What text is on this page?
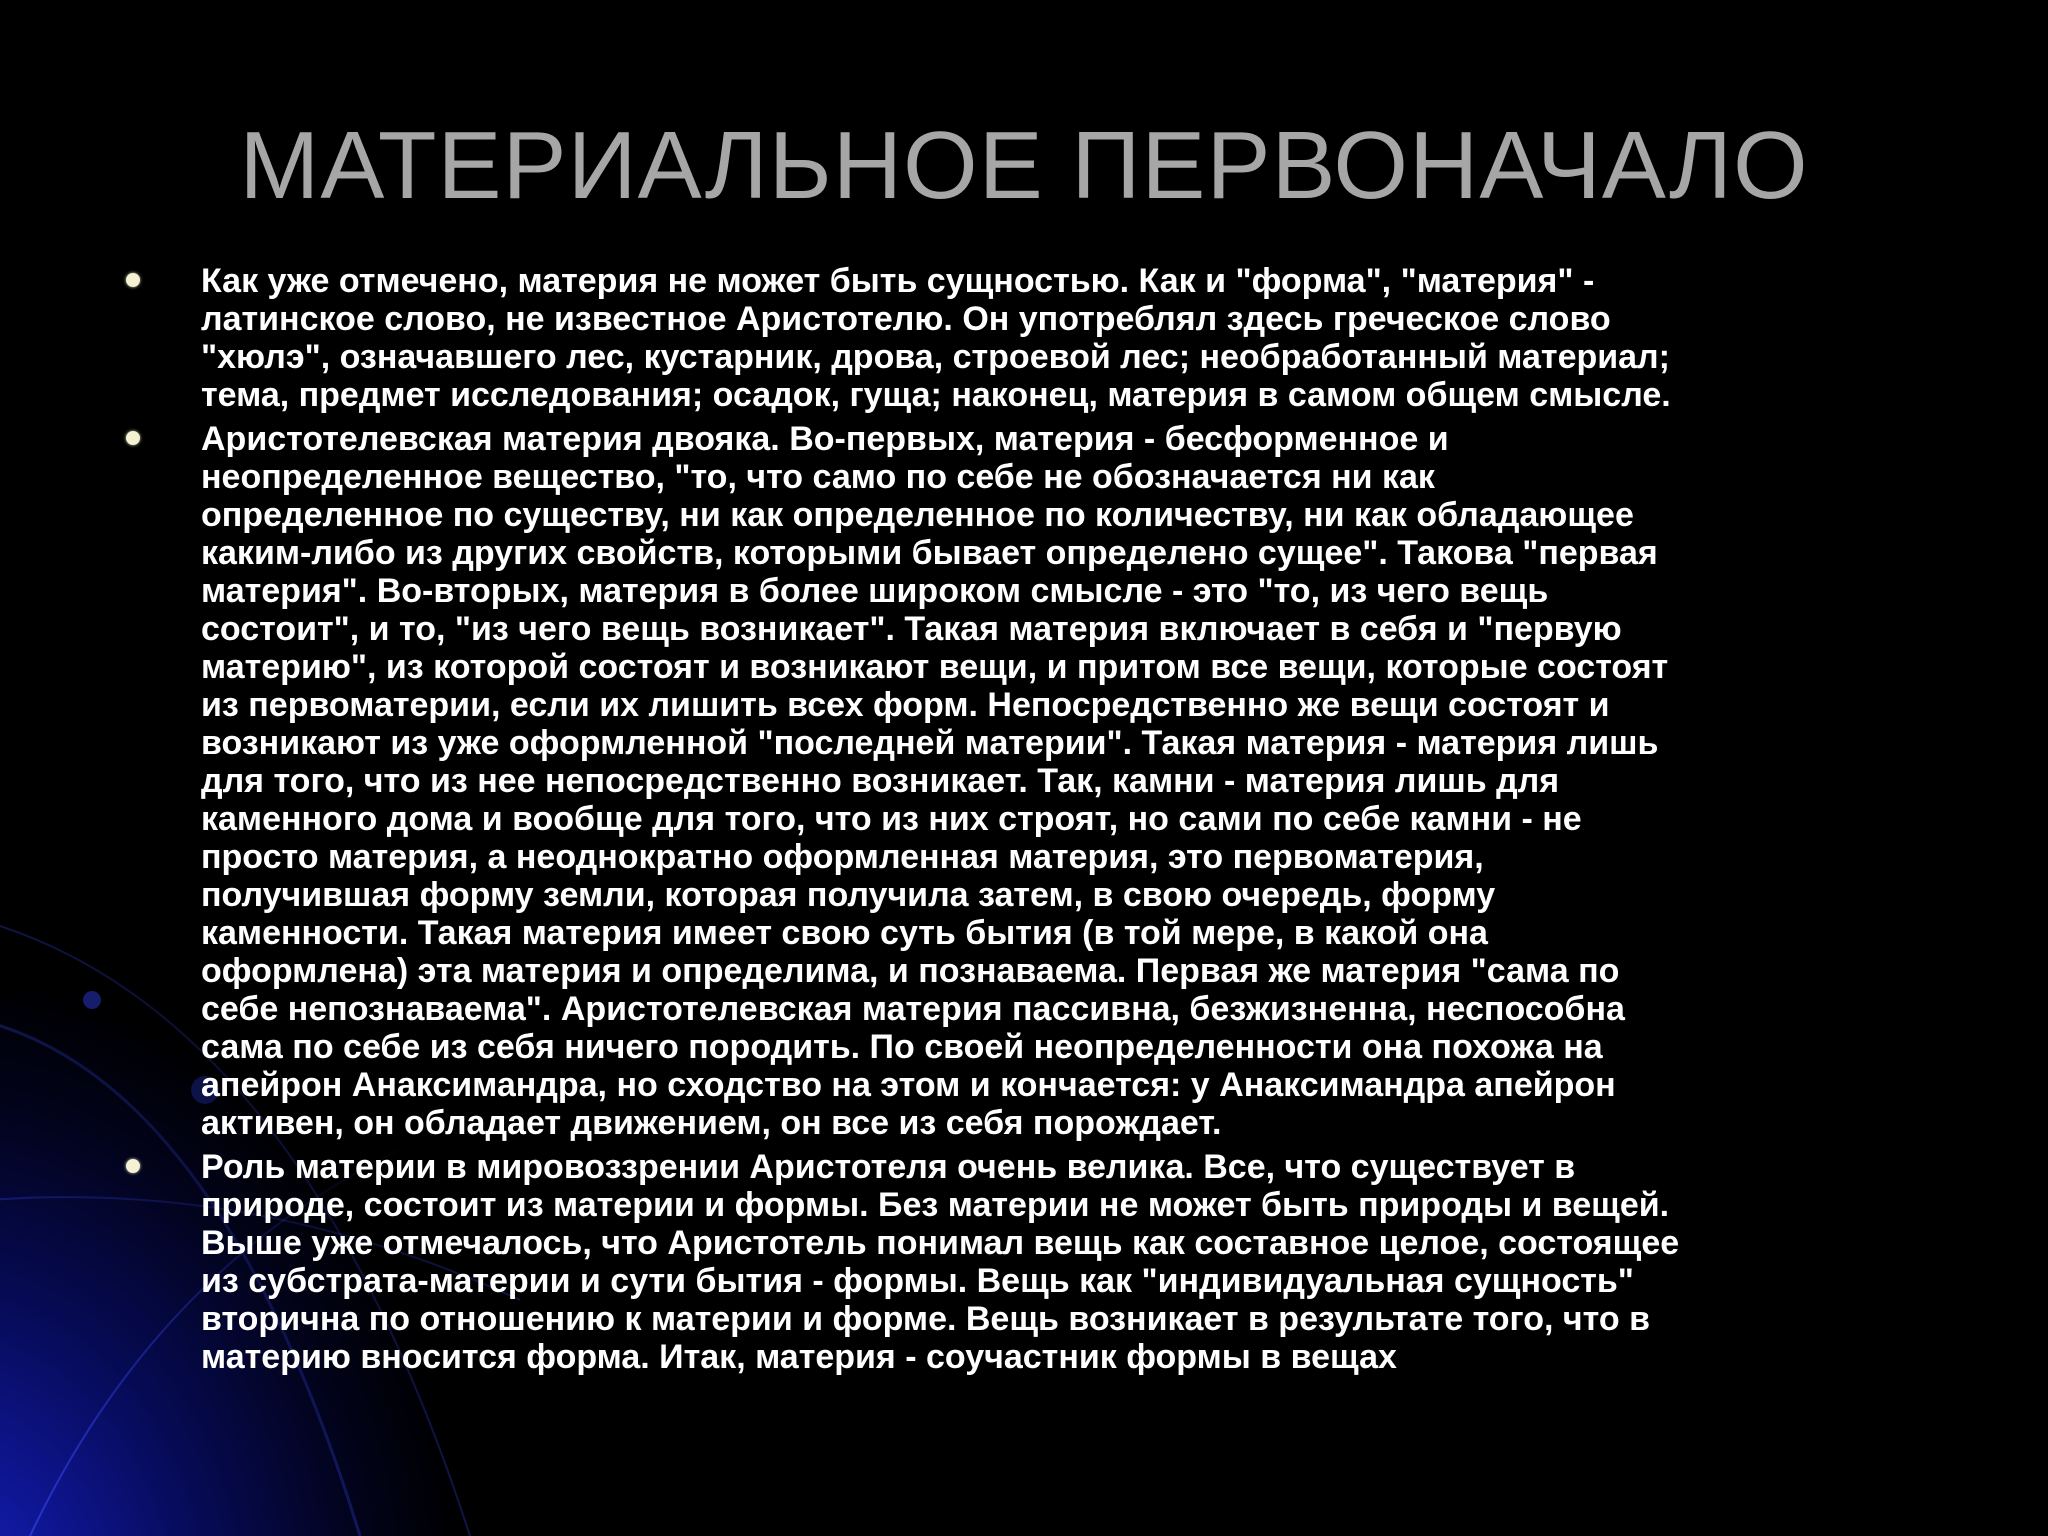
МАТЕРИАЛЬНОЕ ПЕРВОНАЧАЛО
Как уже отмечено, материя не может быть сущностью. Как и "форма", "материя" -
латинское слово, не известное Аристотелю. Он употреблял здесь греческое слово
"хюлэ", означавшего лес, кустарник, дрова, строевой лес; необработанный материал;
тема, предмет исследования; осадок, гуща; наконец, материя в самом общем смысле.
Аристотелевская материя двояка. Во-первых, материя - бесформенное и
неопределенное вещество, "то, что само по себе не обозначается ни как
определенное по существу, ни как определенное по количеству, ни как обладающее
каким-либо из других свойств, которыми бывает определено сущее". Такова "первая
материя". Во-вторых, материя в более широком смысле - это "то, из чего вещь
состоит", и то, "из чего вещь возникает". Такая материя включает в себя и "первую
материю", из которой состоят и возникают вещи, и притом все вещи, которые состоят
из первоматерии, если их лишить всех форм. Непосредственно же вещи состоят и
возникают из уже оформленной "последней материи". Такая материя - материя лишь
для того, что из нее непосредственно возникает. Так, камни - материя лишь для
каменного дома и вообще для того, что из них строят, но сами по себе камни - не
просто материя, а неоднократно оформленная материя, это первоматерия,
получившая форму земли, которая получила затем, в свою очередь, форму
каменности. Такая материя имеет свою суть бытия (в той мере, в какой она
оформлена) эта материя и определима, и познаваема. Первая же материя "сама по
себе непознаваема". Аристотелевская материя пассивна, безжизненна, неспособна
сама по себе из себя ничего породить. По своей неопределенности она похожа на
апейрон Анаксимандра, но сходство на этом и кончается: у Анаксимандра апейрон
активен, он обладает движением, он все из себя порождает.
Роль материи в мировоззрении Аристотеля очень велика. Все, что существует в
природе, состоит из материи и формы. Без материи не может быть природы и вещей.
Выше уже отмечалось, что Аристотель понимал вещь как составное целое, состоящее
из субстрата-материи и сути бытия - формы. Вещь как "индивидуальная сущность"
вторична по отношению к материи и форме. Вещь возникает в результате того, что в
материю вносится форма. Итак, материя - соучастник формы в вещах
